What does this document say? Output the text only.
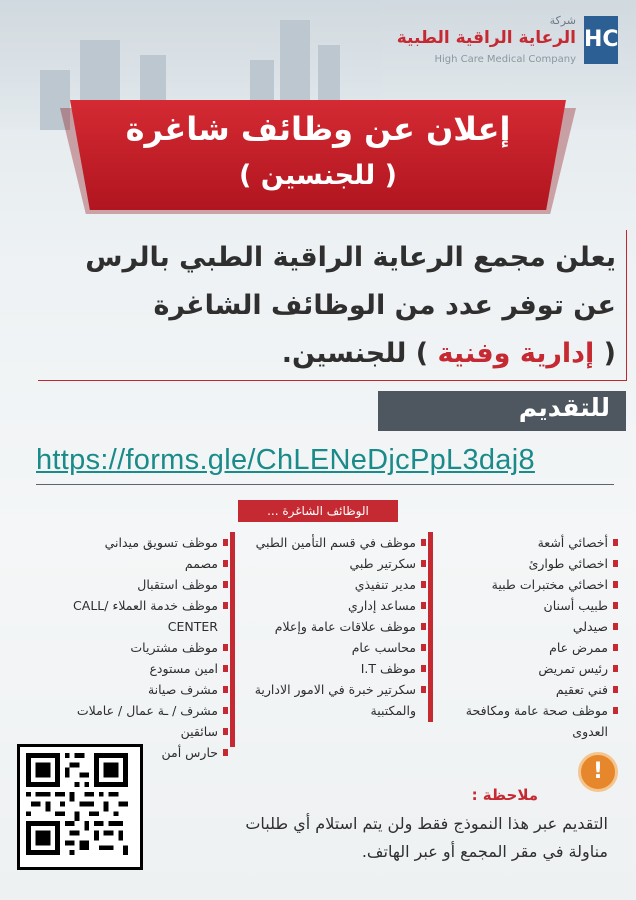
HC
شركة
الرعاية الراقية الطبية
High Care Medical Company
إعلان عن وظائف شاغرة
( للجنسين )
يعلن مجمع الرعاية الراقية الطبي بالرس
عن توفر عدد من الوظائف الشاغرة
( إدارية وفنية ) للجنسين.
للتقديم
https://forms.gle/ChLENeDjcPpL3daj8
الوظائف الشاغرة ...
أخصائي أشعة
اخصائي طوارئ
اخصائي مختبرات طبية
طبيب أسنان
صيدلي
ممرض عام
رئيس تمريض
فني تعقيم
موظف صحة عامة ومكافحة العدوى
موظف في قسم التأمين الطبي
سكرتير طبي
مدير تنفيذي
مساعد إداري
موظف علاقات عامة وإعلام
محاسب عام
موظف I.T
سكرتير خبرة في الامور الادارية والمكتبية
موظف تسويق ميداني
مصمم
موظف استقبال
موظف خدمة العملاء /CALL CENTER
موظف مشتريات
امين مستودع
مشرف صيانة
مشرف / ـة عمال / عاملات
سائقين
حارس أمن
!
ملاحظة :
التقديم عبر هذا النموذج فقط ولن يتم استلام أي طلبات
مناولة في مقر المجمع أو عبر الهاتف.
